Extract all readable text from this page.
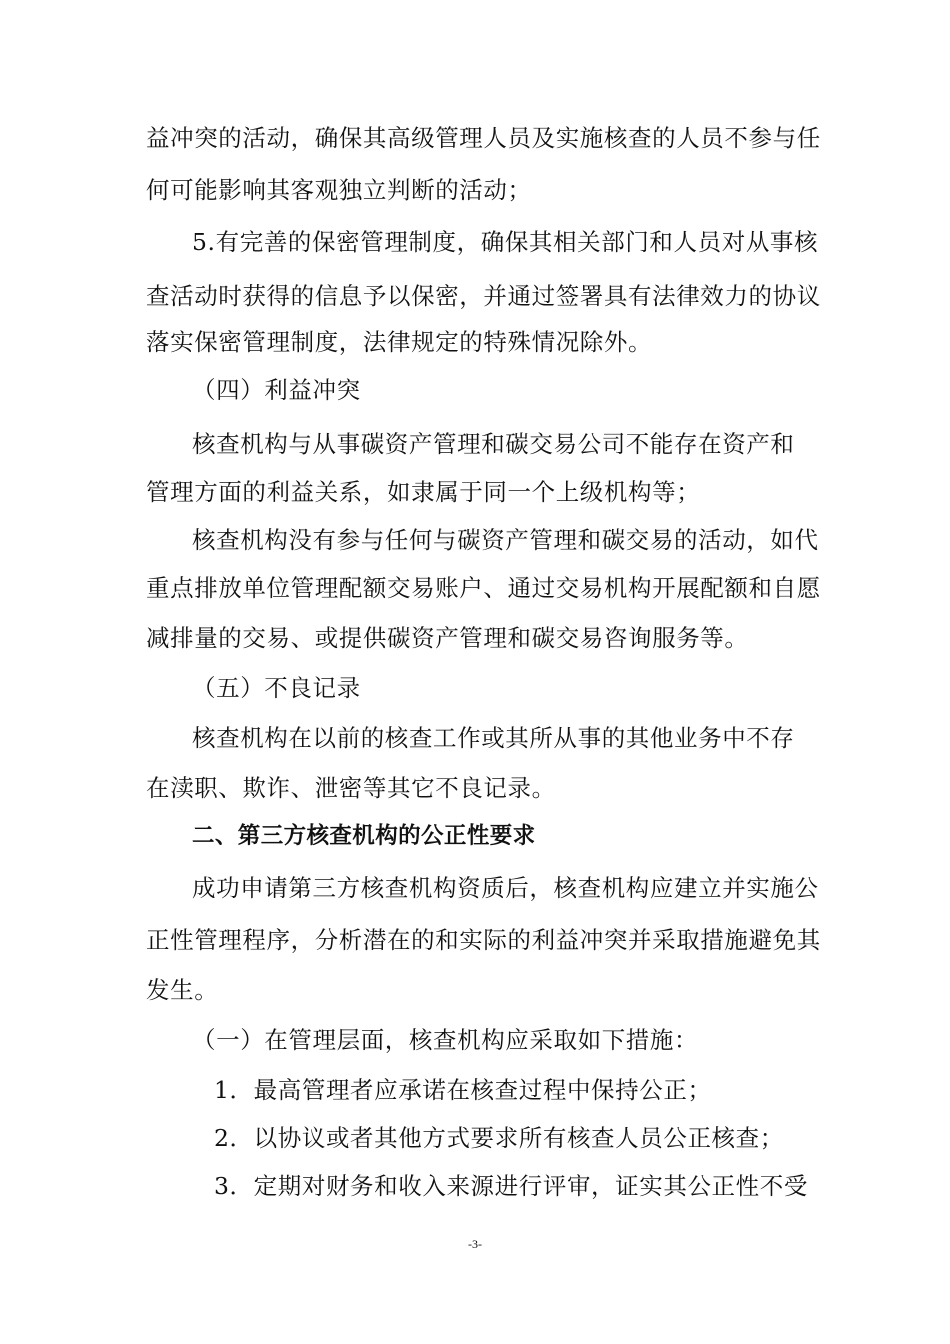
益冲突的活动，确保其高级管理人员及实施核查的人员不参与任
何可能影响其客观独立判断的活动；
5.有完善的保密管理制度，确保其相关部门和人员对从事核
查活动时获得的信息予以保密，并通过签署具有法律效力的协议
落实保密管理制度，法律规定的特殊情况除外。
（四）利益冲突
核查机构与从事碳资产管理和碳交易公司不能存在资产和
管理方面的利益关系，如隶属于同一个上级机构等；
核查机构没有参与任何与碳资产管理和碳交易的活动，如代
重点排放单位管理配额交易账户、通过交易机构开展配额和自愿
减排量的交易、或提供碳资产管理和碳交易咨询服务等。
（五）不良记录
核查机构在以前的核查工作或其所从事的其他业务中不存
在渎职、欺诈、泄密等其它不良记录。
二、第三方核查机构的公正性要求
成功申请第三方核查机构资质后，核查机构应建立并实施公
正性管理程序，分析潜在的和实际的利益冲突并采取措施避免其
发生。
（一）在管理层面，核查机构应采取如下措施：
1．最高管理者应承诺在核查过程中保持公正；
2．以协议或者其他方式要求所有核查人员公正核查；
3．定期对财务和收入来源进行评审，证实其公正性不受
-3-
